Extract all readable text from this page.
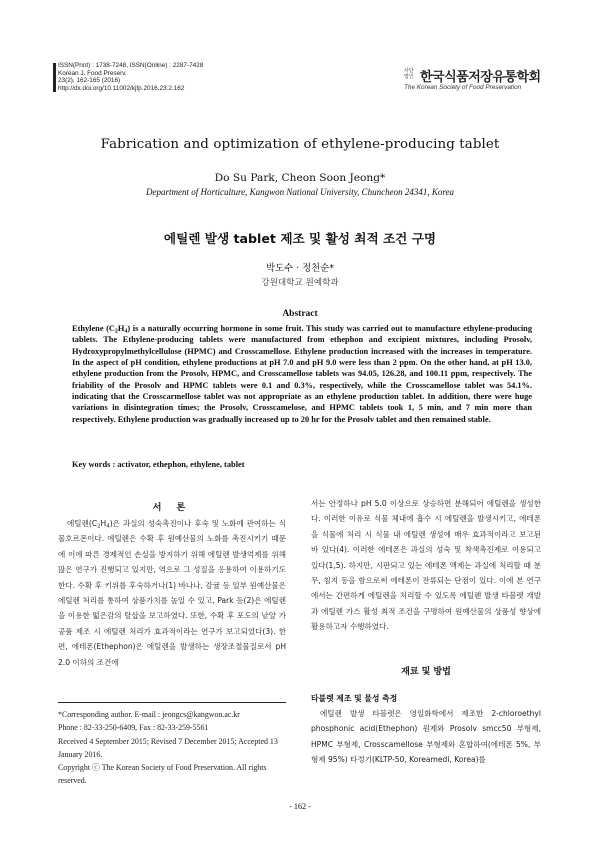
ISSN(Print) : 1738-7248, ISSN(Online) : 2287-7428
Korean J. Food Preserv.
23(2), 162-165 (2016)
http://dx.doi.org/10.11002/kjfp.2016.23.2.162
사단 법인 한국식품저장유통학회
The Korean Society of Food Preservation
Fabrication and optimization of ethylene-producing tablet
Do Su Park, Cheon Soon Jeong*
Department of Horticulture, Kangwon National University, Chuncheon 24341, Korea
에틸렌 발생 tablet 제조 및 활성 최적 조건 구명
박도수 · 정천순*
강원대학교 원예학과
Abstract
Ethylene $(C_2H_4)$ is a naturally occurring hormone in some fruit. This study was carried out to manufacture ethylene-producing tablets. The Ethylene-producing tablets were manufactured from ethephon and excipient mixtures, including Prosolv, Hydroxypropylmethylcellulose (HPMC) and Crosscamellose. Ethylene production increased with the increases in temperature. In the aspect of pH condition, ethylene productions at pH 7.0 and pH 9.0 were less than 2 ppm. On the other hand, at pH 13.0, ethylene production from the Prosolv, HPMC, and Crosscamellose tablets was 94.05, 126.28, and 100.11 ppm, respectively. The friability of the Prosolv and HPMC tablets were 0.1 and 0.3%, respectively, while the Crosscamellose tablet was 54.1%. indicating that the Crosscarmellose tablet was not appropriate as an ethylene production tablet. In addition, there were huge variations in disintegration times; the Prosolv, Crosscamelose, and HPMC tablets took 1, 5 min, and 7 min more than respectively. Ethylene production was gradually increased up to 20 hr for the Prosolv tablet and then remained stable.
Key words : activator, ethephon, ethylene, tablet
서 론
에틸렌$(C_2H_4)$은 과실의 성숙촉진이나 후숙 및 노화에 관여하는 식물호르몬이다. 에틸렌은 수확 후 원예산물의 노화를 촉진시키기 때문에 이에 따른 경제적인 손실을 방지하기 위해 에틸렌 발생억제를 위해 많은 연구가 진행되고 있지만, 역으로 그 성질을 응용하여 이용하기도 한다. 수확 후 키위를 후숙하거나(1) 바나나, 감귤 등 일부 원예산물은 에틸렌 처리를 통하여 상품가치를 높일 수 있고, Park 등(2)은 에틸렌을 이용한 떫은감의 탈삽을 보고하였다. 또한, 수확 후 포도의 낱알 가공품 제조 시 에틸렌 처리가 효과적이라는 연구가 보고되었다(3). 한편, 에테폰(Ethephon)은 에틸렌을 발생하는 생장조절물질로서 pH 2.0 이하의 조건에
*Corresponding author. E-mail : jeongcs@kangwon.ac.kr
Phone : 82-33-250-6409, Fax : 82-33-259-5561
Received 4 September 2015; Revised 7 December 2015; Accepted 13 January 2016.
Copyright ⓒ The Korean Society of Food Preservation. All rights reserved.
서는 안정하나 pH 5.0 이상으로 상승하면 분해되어 에틸렌을 생성한다. 이러한 이유로 식물 체내에 흡수 시 에틸렌을 발생시키고, 에테폰을 식물에 처리 시 식물 내 에틸렌 생성에 매우 효과적이라고 보고된 바 있다(4). 이러한 에테폰은 과실의 성숙 및 착색촉진제로 이용되고 있다(1,5). 하지만, 시판되고 있는 에테폰 액제는 과실에 처리할 때 분무, 침지 등을 함으로써 에테폰이 잔류되는 단점이 있다. 이에 본 연구에서는 간편하게 에틸렌을 처리할 수 있도록 에틸렌 발생 타블렛 개발과 에틸렌 가스 활성 최적 조건을 구명하여 원예산물의 상품성 향상에 활용하고자 수행하였다.
재료 및 방법
타블렛 제조 및 물성 측정
에틸렌 발생 타블렛은 영일화학에서 제조한 2-chloroethyl phosphonic acid(Ethephon) 원제와 Prosolv smcc50 부형제, HPMC 부형제, Crosscamellose 부형제와 혼합하여(에테폰 5%, 부형제 95%) 타정기(KLTP-50, Koreamedi, Korea)를
- 162 -
